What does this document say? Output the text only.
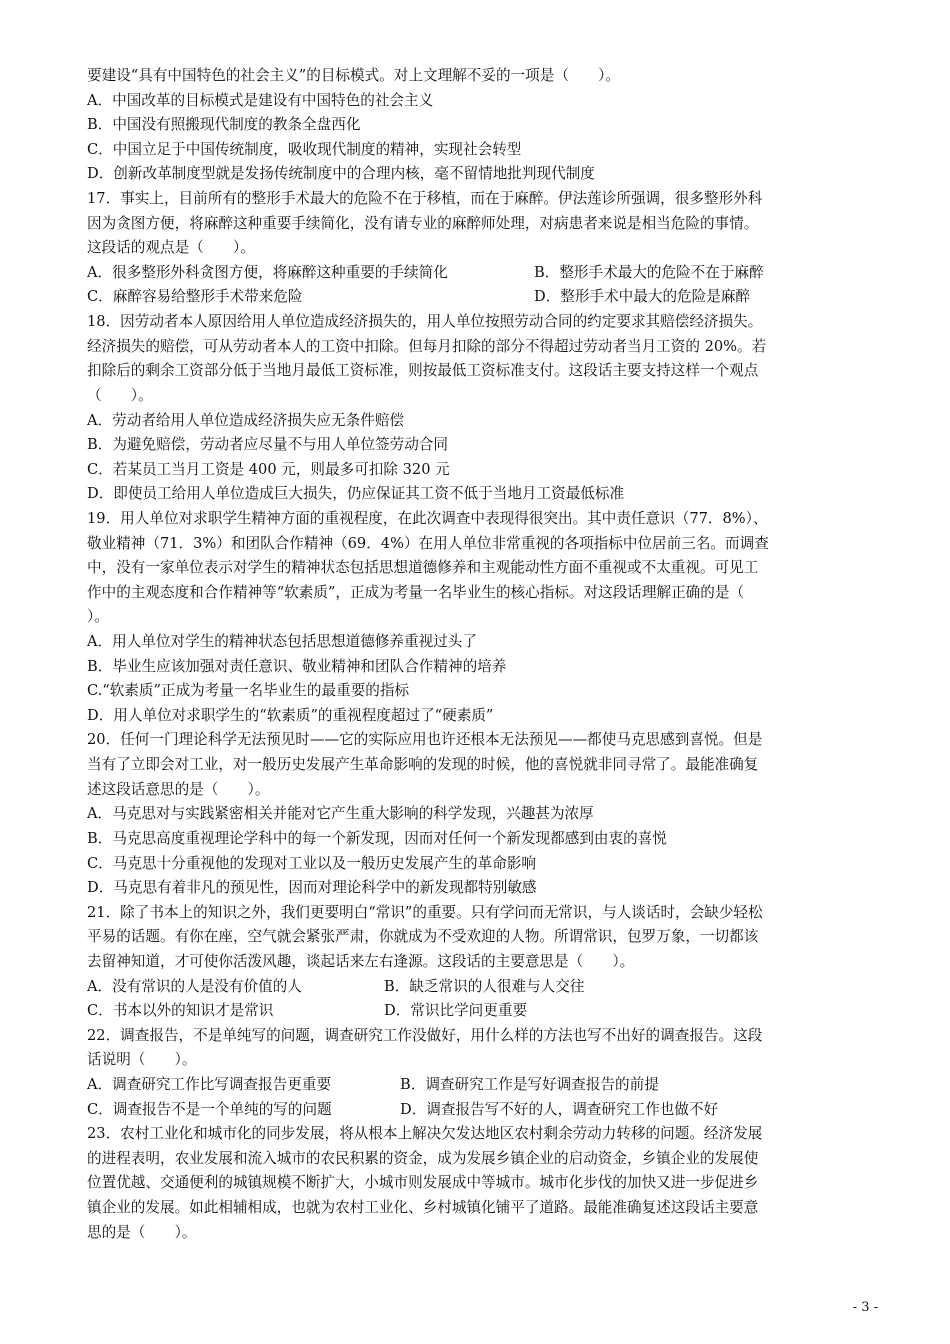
要建设“具有中国特色的社会主义”的目标模式。对上文理解不妥的一项是（　　）。
A．中国改革的目标模式是建设有中国特色的社会主义
B．中国没有照搬现代制度的教条全盘西化
C．中国立足于中国传统制度，吸收现代制度的精神，实现社会转型
D．创新改革制度型就是发扬传统制度中的合理内核，毫不留情地批判现代制度
17．事实上，目前所有的整形手术最大的危险不在于移植，而在于麻醉。伊法莲诊所强调，很多整形外科
因为贪图方便，将麻醉这种重要手续简化，没有请专业的麻醉师处理，对病患者来说是相当危险的事情。
这段话的观点是（　　）。
A．很多整形外科贪图方便，将麻醉这种重要的手续简化	B．整形手术最大的危险不在于麻醉
C．麻醉容易给整形手术带来危险	D．整形手术中最大的危险是麻醉
18．因劳动者本人原因给用人单位造成经济损失的，用人单位按照劳动合同的约定要求其赔偿经济损失。
经济损失的赔偿，可从劳动者本人的工资中扣除。但每月扣除的部分不得超过劳动者当月工资的 20%。若
扣除后的剩余工资部分低于当地月最低工资标准，则按最低工资标准支付。这段话主要支持这样一个观点
（　　）。
A．劳动者给用人单位造成经济损失应无条件赔偿
B．为避免赔偿，劳动者应尽量不与用人单位签劳动合同
C．若某员工当月工资是 400 元，则最多可扣除 320 元
D．即使员工给用人单位造成巨大损失，仍应保证其工资不低于当地月工资最低标准
19．用人单位对求职学生精神方面的重视程度，在此次调查中表现得很突出。其中责任意识（77．8%）、
敬业精神（71．3%）和团队合作精神（69．4%）在用人单位非常重视的各项指标中位居前三名。而调查
中，没有一家单位表示对学生的精神状态包括思想道德修养和主观能动性方面不重视或不太重视。可见工
作中的主观态度和合作精神等“软素质”，正成为考量一名毕业生的核心指标。对这段话理解正确的是（
）。
A．用人单位对学生的精神状态包括思想道德修养重视过头了
B．毕业生应该加强对责任意识、敬业精神和团队合作精神的培养
C.“软素质”正成为考量一名毕业生的最重要的指标
D．用人单位对求职学生的“软素质”的重视程度超过了“硬素质”
20．任何一门理论科学无法预见时——它的实际应用也许还根本无法预见——都使马克思感到喜悦。但是
当有了立即会对工业，对一般历史发展产生革命影响的发现的时候，他的喜悦就非同寻常了。最能准确复
述这段话意思的是（　　）。
A．马克思对与实践紧密相关并能对它产生重大影响的科学发现，兴趣甚为浓厚
B．马克思高度重视理论学科中的每一个新发现，因而对任何一个新发现都感到由衷的喜悦
C．马克思十分重视他的发现对工业以及一般历史发展产生的革命影响
D．马克思有着非凡的预见性，因而对理论科学中的新发现都特别敏感
21．除了书本上的知识之外，我们更要明白“常识”的重要。只有学问而无常识，与人谈话时，会缺少轻松
平易的话题。有你在座，空气就会紧张严肃，你就成为不受欢迎的人物。所谓常识，包罗万象，一切都该
去留神知道，才可使你活泼风趣，谈起话来左右逢源。这段话的主要意思是（　　）。
A．没有常识的人是没有价值的人	B．缺乏常识的人很难与人交往
C．书本以外的知识才是常识	D．常识比学问更重要
22．调查报告，不是单纯写的问题，调查研究工作没做好，用什么样的方法也写不出好的调查报告。这段
话说明（　　）。
A．调查研究工作比写调查报告更重要	B．调查研究工作是写好调查报告的前提
C．调查报告不是一个单纯的写的问题	D．调查报告写不好的人，调查研究工作也做不好
23．农村工业化和城市化的同步发展，将从根本上解决欠发达地区农村剩余劳动力转移的问题。经济发展
的进程表明，农业发展和流入城市的农民积累的资金，成为发展乡镇企业的启动资金，乡镇企业的发展使
位置优越、交通便利的城镇规模不断扩大，小城市则发展成中等城市。城市化步伐的加快又进一步促进乡
镇企业的发展。如此相辅相成，也就为农村工业化、乡村城镇化铺平了道路。最能准确复述这段话主要意
思的是（　　）。
- 3 -
